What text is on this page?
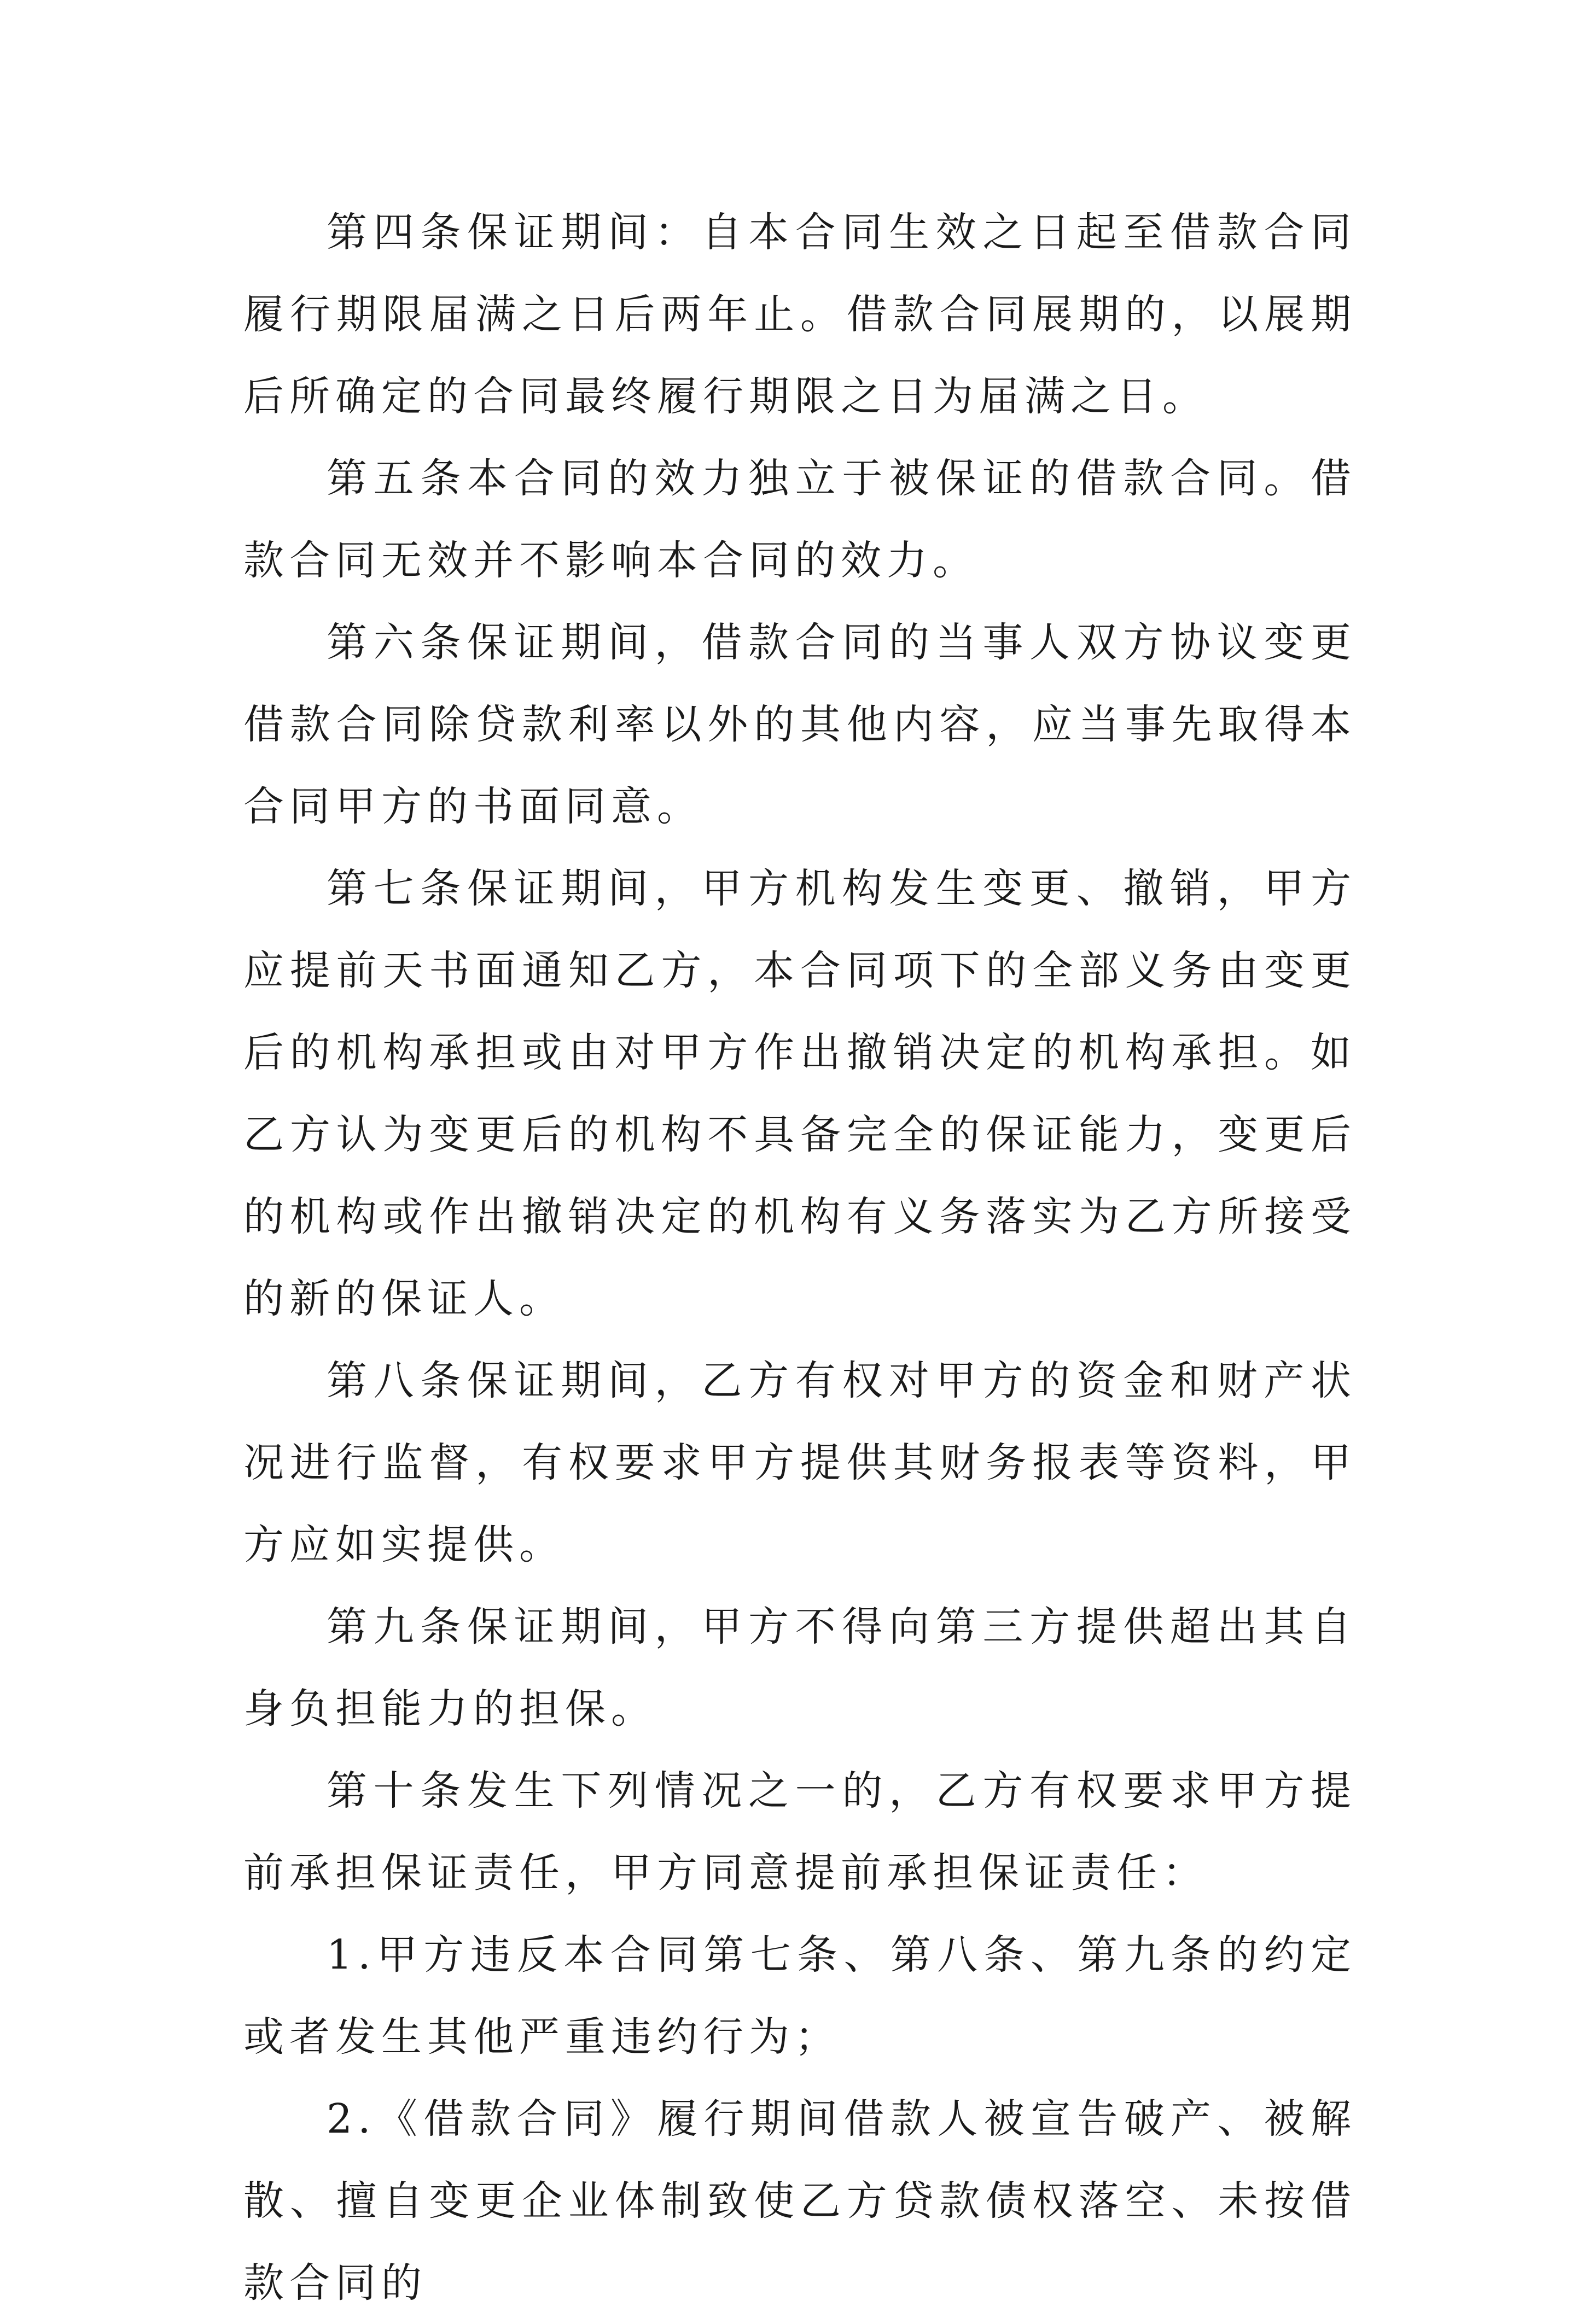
第四条保证期间：自本合同生效之日起至借款合同履行期限届满之日后两年止。借款合同展期的，以展期后所确定的合同最终履行期限之日为届满之日。

第五条本合同的效力独立于被保证的借款合同。借款合同无效并不影响本合同的效力。

第六条保证期间，借款合同的当事人双方协议变更借款合同除贷款利率以外的其他内容，应当事先取得本合同甲方的书面同意。

第七条保证期间，甲方机构发生变更、撤销，甲方应提前天书面通知乙方，本合同项下的全部义务由变更后的机构承担或由对甲方作出撤销决定的机构承担。如乙方认为变更后的机构不具备完全的保证能力，变更后的机构或作出撤销决定的机构有义务落实为乙方所接受的新的保证人。

第八条保证期间，乙方有权对甲方的资金和财产状况进行监督，有权要求甲方提供其财务报表等资料，甲方应如实提供。

第九条保证期间，甲方不得向第三方提供超出其自身负担能力的担保。

第十条发生下列情况之一的，乙方有权要求甲方提前承担保证责任，甲方同意提前承担保证责任：

1.甲方违反本合同第七条、第八条、第九条的约定或者发生其他严重违约行为；

2.《借款合同》履行期间借款人被宣告破产、被解散、擅自变更企业体制致使乙方贷款债权落空、未按借款合同的
